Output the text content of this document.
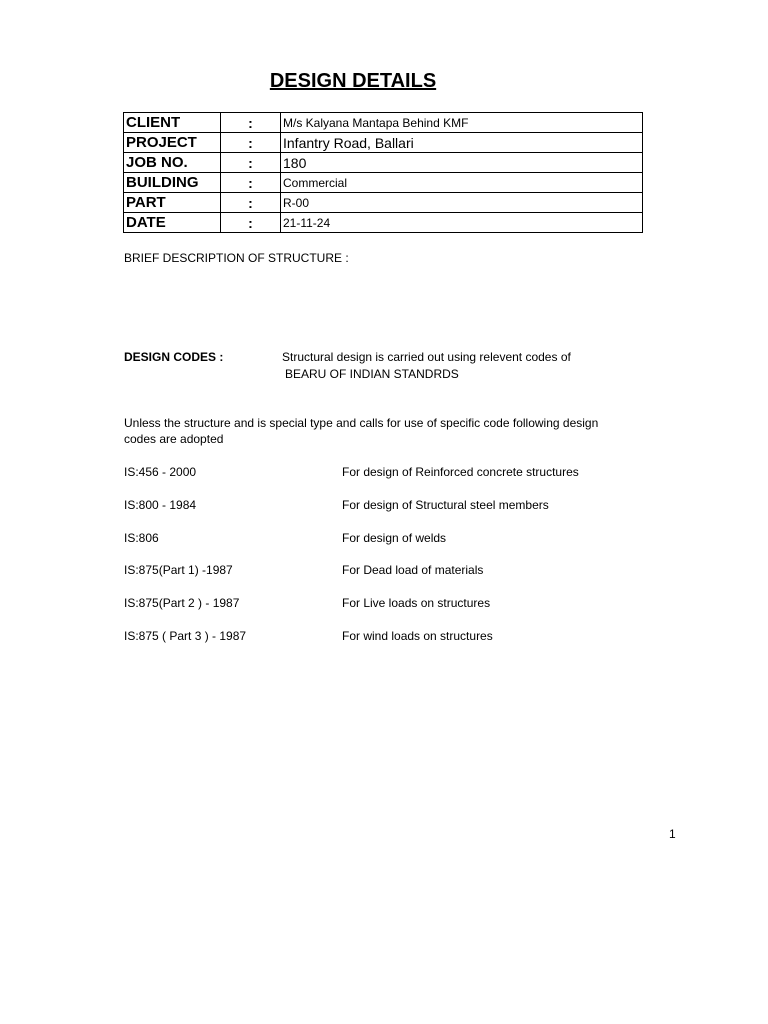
DESIGN DETAILS
CLIENT	:	M/s Kalyana Mantapa Behind KMF
PROJECT	:	Infantry Road, Ballari
JOB NO.	:	180
BUILDING	:	Commercial
PART	:	R-00
DATE	:	21-11-24
BRIEF DESCRIPTION OF STRUCTURE :
DESIGN CODES :	Structural design is carried out using relevent codes of
BEARU OF INDIAN STANDRDS
Unless the structure and is special type and calls for use of specific code following design
codes are adopted
IS:456 - 2000	For design of Reinforced concrete structures
IS:800 - 1984	For design of Structural steel members
IS:806	For design of welds
IS:875(Part 1) -1987	For Dead load of materials
IS:875(Part 2 ) - 1987	For Live loads on structures
IS:875 ( Part 3 ) - 1987	For wind loads on structures
1
